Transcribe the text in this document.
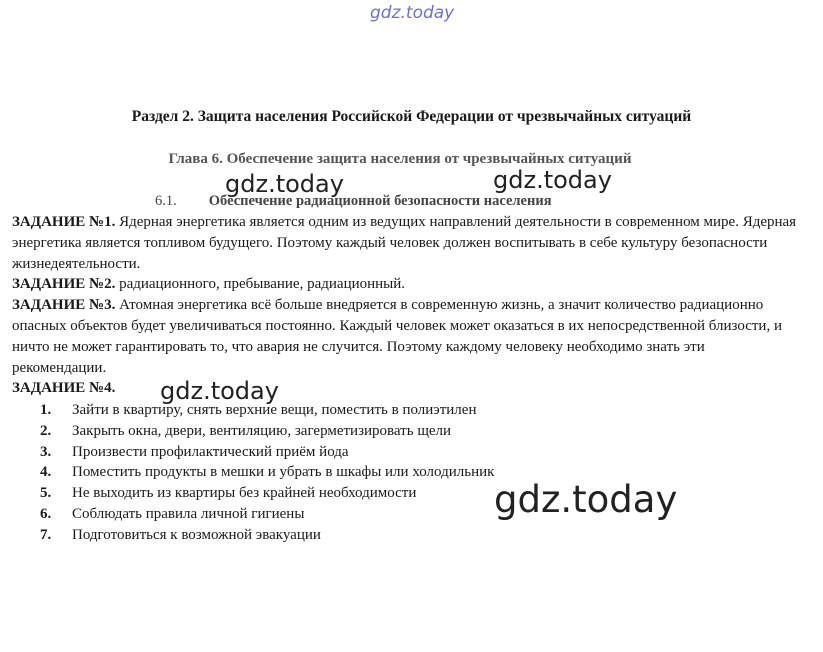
gdz.today
Раздел 2. Защита населения Российской Федерации от чрезвычайных ситуаций
Глава 6. Обеспечение защита населения от чрезвычайных ситуаций
6.1. Обеспечение радиационной безопасности населения

ЗАДАНИЕ №1. Ядерная энергетика является одним из ведущих направлений деятельности в современном мире. Ядерная энергетика является топливом будущего. Поэтому каждый человек должен воспитывать в себе культуру безопасности жизнедеятельности.

ЗАДАНИЕ №2. радиационного, пребывание, радиационный.

ЗАДАНИЕ №3. Атомная энергетика всё больше внедряется в современную жизнь, а значит количество радиационно опасных объектов будет увеличиваться постоянно. Каждый человек может оказаться в их непосредственной близости, и ничто не может гарантировать то, что авария не случится. Поэтому каждому человеку необходимо знать эти рекомендации.

ЗАДАНИЕ №4.

1.	Зайти в квартиру, снять верхние вещи, поместить в полиэтилен
2.	Закрыть окна, двери, вентиляцию, загерметизировать щели
3.	Произвести профилактический приём йода
4.	Поместить продукты в мешки и убрать в шкафы или холодильник
5.	Не выходить из квартиры без крайней необходимости
6.	Соблюдать правила личной гигиены
7.	Подготовиться к возможной эвакуации
gdz.today	gdz.today
gdz.today
gdz.today
